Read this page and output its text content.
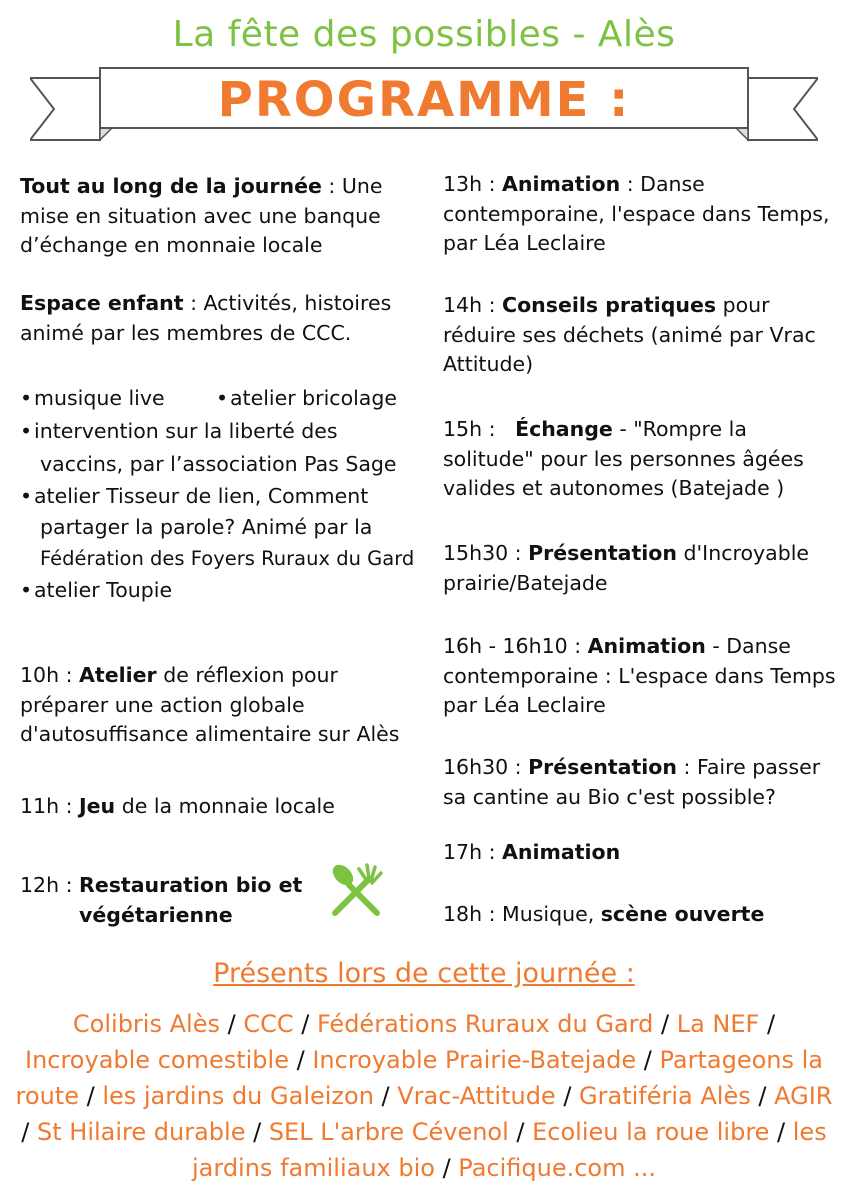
La fête des possibles - Alès
PROGRAMME :
Tout au long de la journée : Une mise en situation avec une banque d’échange en monnaie locale
Espace enfant : Activités, histoires animé par les membres de CCC.
•musique live	•atelier bricolage
•intervention sur la liberté des
vaccins, par l’association Pas Sage
•atelier Tisseur de lien, Comment
partager la parole? Animé par la
Fédération des Foyers Ruraux du Gard
•atelier Toupie
10h : Atelier de réflexion pour préparer une action globale d'autosuffisance alimentaire sur Alès
11h : Jeu de la monnaie locale
12h : Restauration bio et
végétarienne
13h : Animation : Danse contemporaine, l'espace dans Temps, par Léa Leclaire
14h : Conseils pratiques pour réduire ses déchets (animé par Vrac Attitude)
15h :   Échange - "Rompre la solitude" pour les personnes âgées valides et autonomes (Batejade )
15h30 : Présentation d'Incroyable prairie/Batejade
16h - 16h10 : Animation - Danse contemporaine : L'espace dans Temps par Léa Leclaire
16h30 : Présentation : Faire passer sa cantine au Bio c'est possible?
17h : Animation
18h : Musique, scène ouverte
Présents lors de cette journée :
Colibris Alès / CCC / Fédérations Ruraux du Gard / La NEF / Incroyable comestible / Incroyable Prairie-Batejade / Partageons la route / les jardins du Galeizon / Vrac-Attitude / Gratiféria Alès / AGIR / St Hilaire durable / SEL L'arbre Cévenol / Ecolieu la roue libre / les jardins familiaux bio / Pacifique.com ...
